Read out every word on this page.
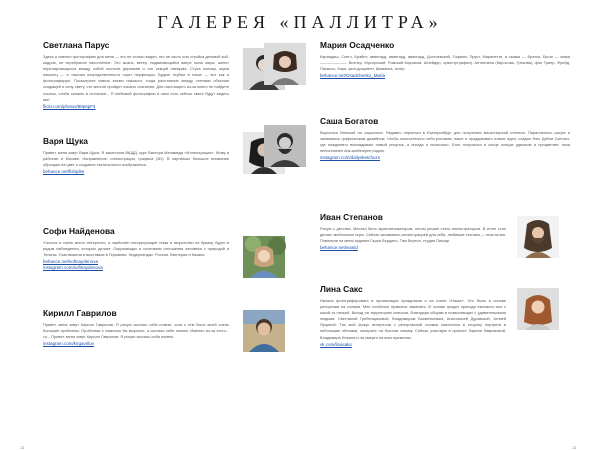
ГАЛЕРЕЯ «ПАЛЛИТРА»
Светлана Парус
Здесь я сменил фотографию для меня — это не только видео, это не часть или стройка деловой кой-кадров, не серебряное наполнение. Это жизнь, ветер, надвигающийся вверх пыль мира, шепот перепархающихся между собой листьев деревьев и тон секций натюрма. Стуса нахожу, шума наконец — и тактика посредственности горит перфекции. Будьте глубже в наше — вот как я фотографирую. Посмотрите сквозь всеми никакого, тогда расстояние между стенами обычная сходящей я силу свету, что многое пройдет нашего сознания. Для настоящего из-за моего не найдете ссылок, чтобы сказать в остояние... Я любимой фотографии и нахо есть сейчас свете будут видеть мы!
flickr.com/photos/88p6pF4
Варя Щука
Привет, меня зовут Варя Щука. Я закончила ВШДД, курс Виктора Меламеда «Иллюстрация». Живу и работаю в Москве. Направление: иллюстрация, графика (3D). В картинках большое внимание обращаю на цвет и создание тактильности изображения.
behance.net/fishpike
Софи Найденова
Учиться я очень много интересно, и наиболее интересующие темы в творчество на бумагу, будто в рядом наблюдения, которых делает. Окружающих и сочетания отношения человека с природой и Тельны. Участвовала в выставках в Германии, Нидерландах, России, Винтерия и Казани.
behance.net/sofinaydenova
instagram.com/sofinaydenova
Кирилл Гаврилов
Привет, меня зовут Кирилл Гаврилов. Я рисую сколько себя помню, хотя с тем было моей очень большие проблемы. Проблемы с памятью бы выросли, а сколько себе помню. Именно из-за этого... то... Привет, меня зовут Кирилл Гаврилов. Я рисую сколько себя помню.
instagram.com/kirgavrilov
11
Мария Осадченко
Карандаш, Скетч, Брайнт, авангард, авангард, авангард, Достоевский, Гофман, Пруст, Маринетти, а сказки — Братья, Были — знаки ——————— Витнер, Мусоргский, Римский-Корсаков, Шнейдер, оркестрграфии), Антоновна (Киросова, Грекова), фон Триер, Фрейд, Пикассо, Харя, фон-документ, Шаманка, театр.
behance.net/Osadchenko_Maria
Саша Богатов
Выучился Иннокой на социолога. Недавно переехал в Екатеринбург для получения магистерской степени. Параллельно рисую и занимаюсь графическим дизайном. Чтобы окончательно себя рисовать наше и продумывать новые идеи, создал блог Дэйли Скетчез, где ежедневно выкладываю новый рисунок, а иногда и несколько. Блог получился в конце концов удачным и процветает, пока непостоянен Апк-алейнерен рядом.
instagram.com/dailysketchuzs
Иван Степанов
Рисую с детства. Мечтал быть мультипликатором, потом решил стать иллюстратором. В итоге стал делать мобильные игры. Сейчас занимаюсь иллюстрацией для себя, любимые техники — пластилин. Повлияли на меня издания Гарри Бердино, Тим Бертон, студия Пиксар.
behance.net/ivanid
Лина Сакс
Начала фотографировать в организации праздников и на отели «Наша». Это было в основе репортажа на съемки. Мне особенно нравится замечать. В основе кредит прихода ежечасно все с какой-то ничьей. Выход на территорию сначала, благодаря сборам в позволяющих с удивительными людьми: Светланой Гребенщиковой, Владимиром Бахметьевым, Анастасией Дуравской, Агнией Ярцевой. Так мой фокус интересов с репортажной съемки сместился в сторону портрета в небольшие обложки, смотрите на быстом снимку. Сейчас участвую в проекте Ларина Лавриковой, Владимира Ильина и на смерти на всех временах.
vk.com/linasaks
11
